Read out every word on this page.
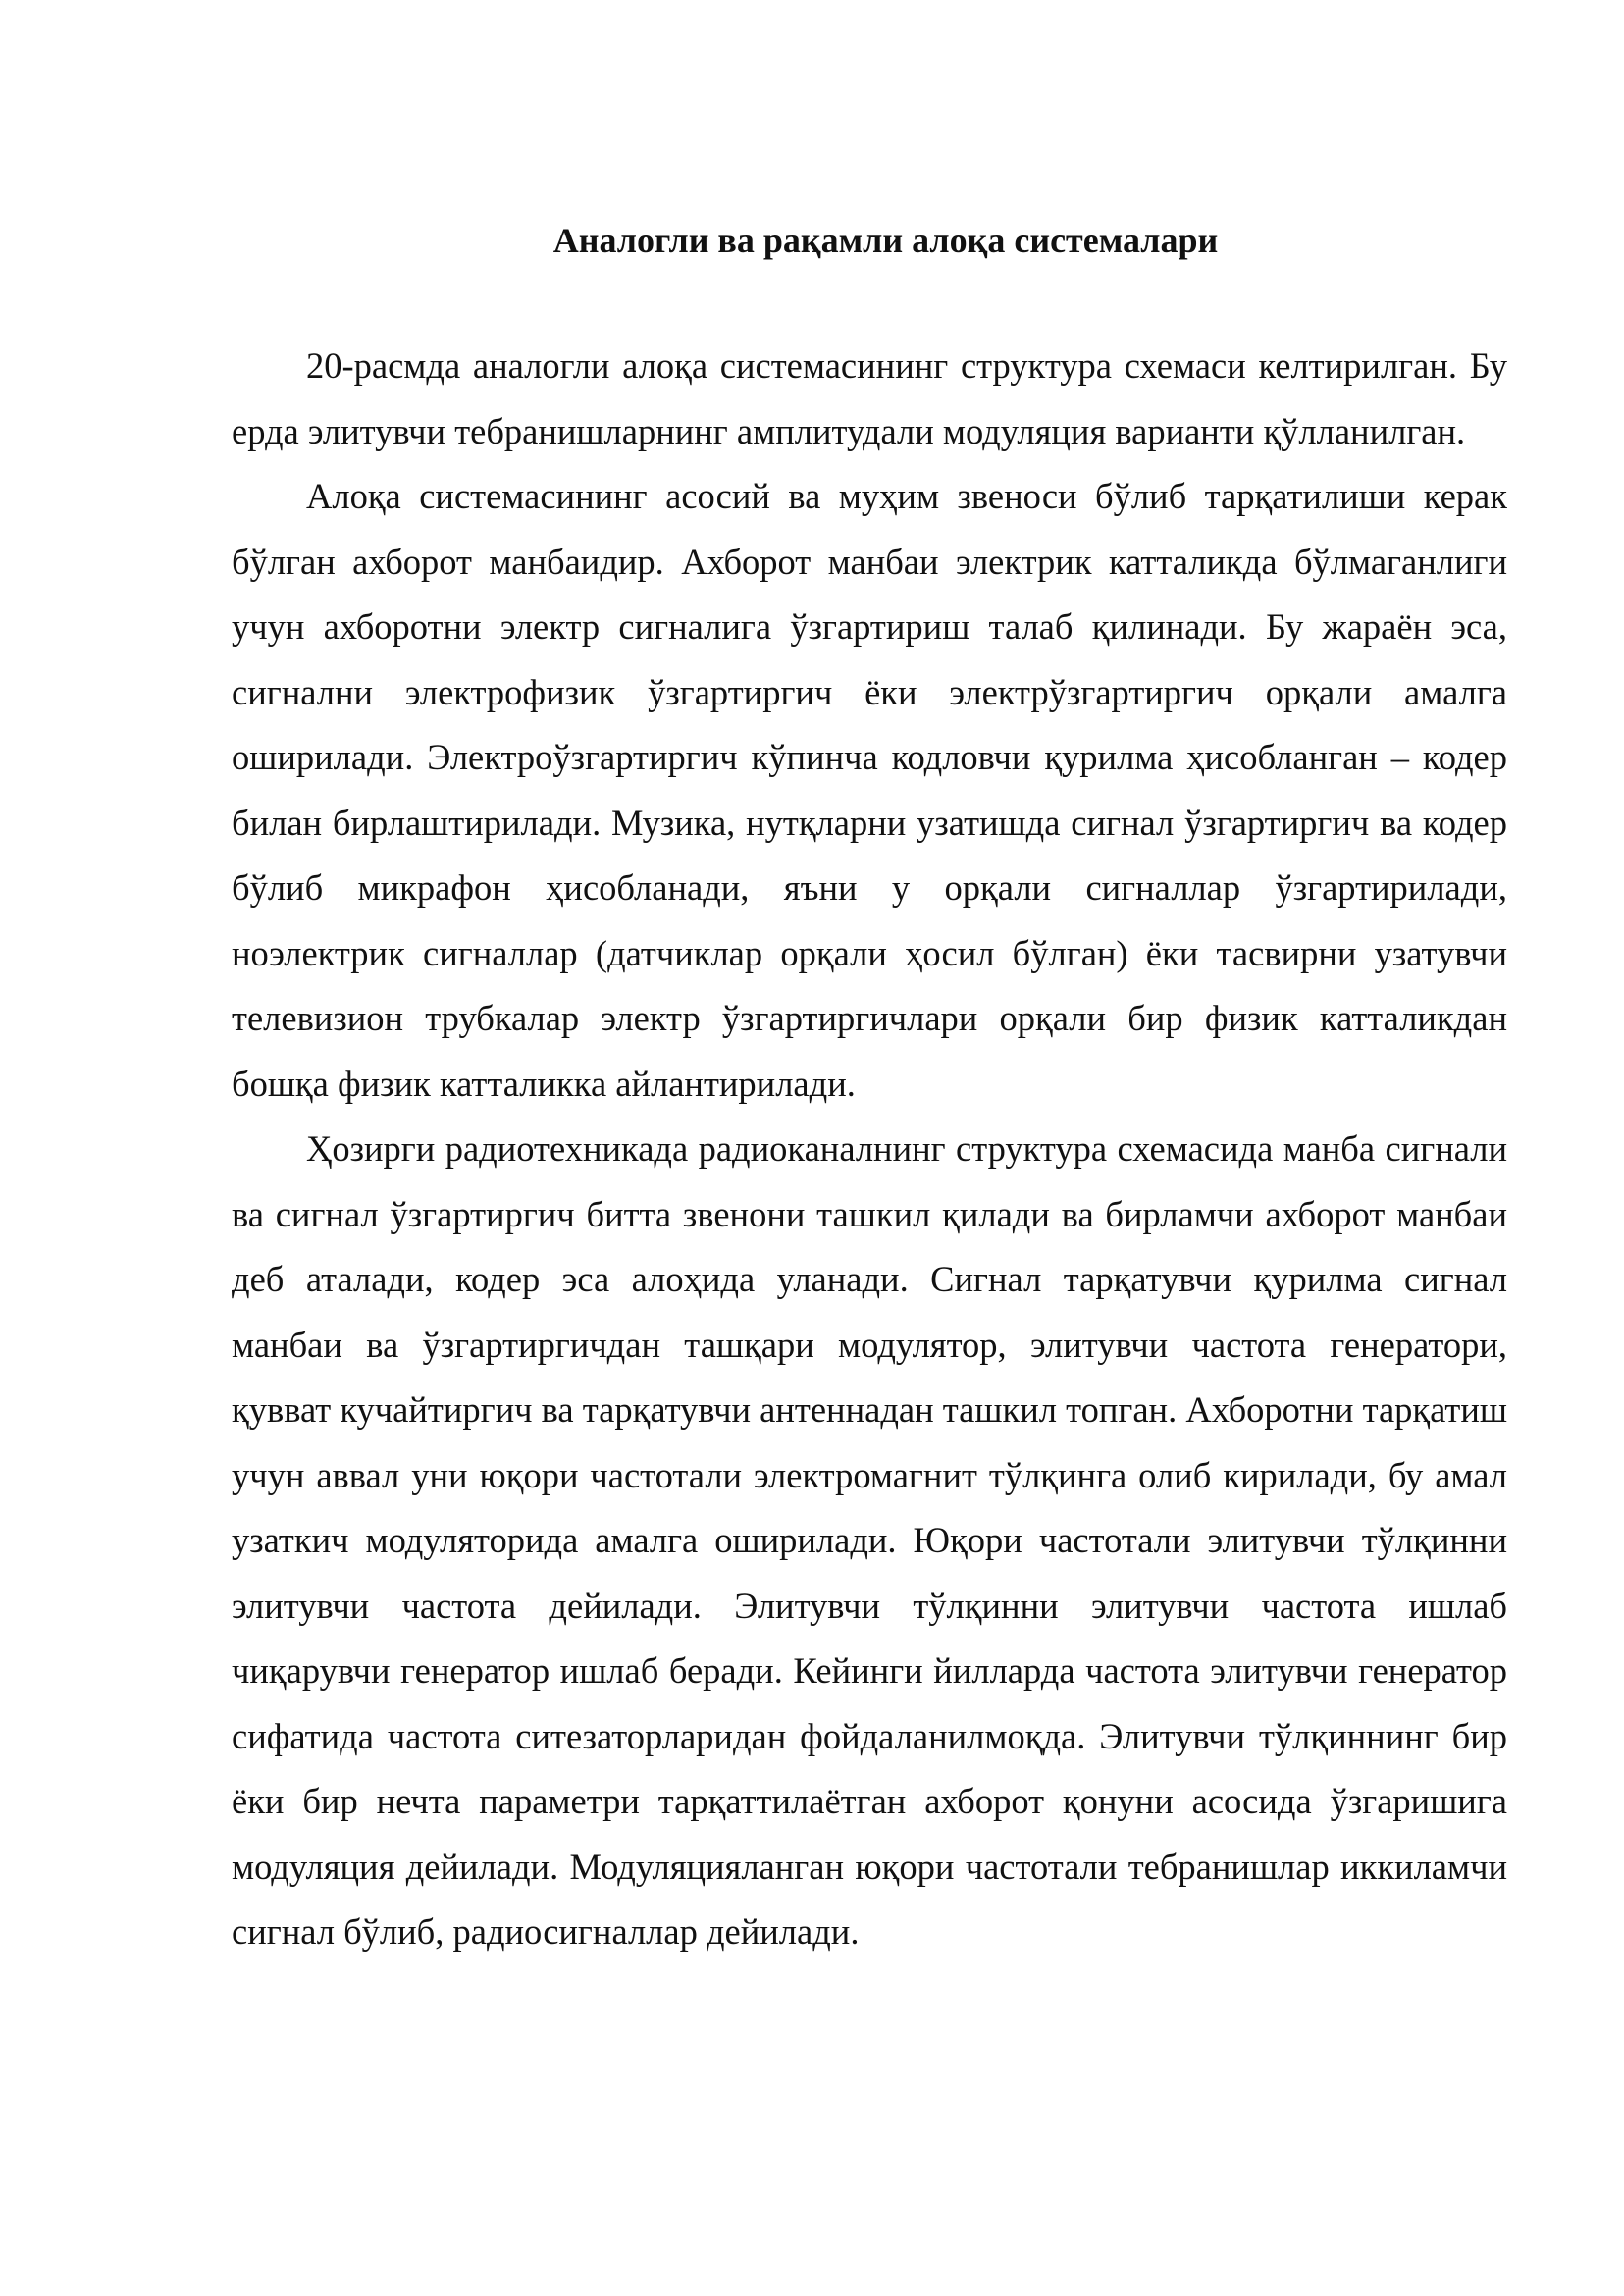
Аналогли ва рақамли алоқа системалари

20-расмда аналогли алоқа системасининг структура схемаси келтирилган. Бу ерда элитувчи тебранишларнинг амплитудали модуляция варианти қўлланилган.

Алоқа системасининг асосий ва муҳим звеноси бўлиб тарқатилиши керак бўлган ахборот манбаидир. Ахборот манбаи электрик катталикда бўлмаганлиги учун ахборотни электр сигналига ўзгартириш талаб қилинади. Бу жараён эса, сигнални электрофизик ўзгартиргич ёки электрўзгартиргич орқали амалга оширилади. Электроўзгартиргич кўпинча кодловчи қурилма ҳисобланган – кодер билан бирлаштирилади. Музика, нутқларни узатишда сигнал ўзгартиргич ва кодер бўлиб микрафон ҳисобланади, яъни у орқали сигналлар ўзгартирилади, ноэлектрик сигналлар (датчиклар орқали ҳосил бўлган) ёки тасвирни узатувчи телевизион трубкалар электр ўзгартиргичлари орқали бир физик катталикдан бошқа физик катталикка айлантирилади.

Ҳозирги радиотехникада радиоканалнинг структура схемасида манба сигнали ва сигнал ўзгартиргич битта звенони ташкил қилади ва бирламчи ахборот манбаи деб аталади, кодер эса алоҳида уланади. Сигнал тарқатувчи қурилма сигнал манбаи ва ўзгартиргичдан ташқари модулятор, элитувчи частота генератори, қувват кучайтиргич ва тарқатувчи антеннадан ташкил топган. Ахборотни тарқатиш учун аввал уни юқори частотали электромагнит тўлқинга олиб кирилади, бу амал узаткич модуляторида амалга оширилади. Юқори частотали элитувчи тўлқинни элитувчи частота дейилади. Элитувчи тўлқинни элитувчи частота ишлаб чиқарувчи генератор ишлаб беради. Кейинги йилларда частота элитувчи генератор сифатида частота ситезаторларидан фойдаланилмоқда. Элитувчи тўлқиннинг бир ёки бир нечта параметри тарқаттилаётган ахборот қонуни асосида ўзгаришига модуляция дейилади. Модуляцияланган юқори частотали тебранишлар иккиламчи сигнал бўлиб, радиосигналлар дейилади.
